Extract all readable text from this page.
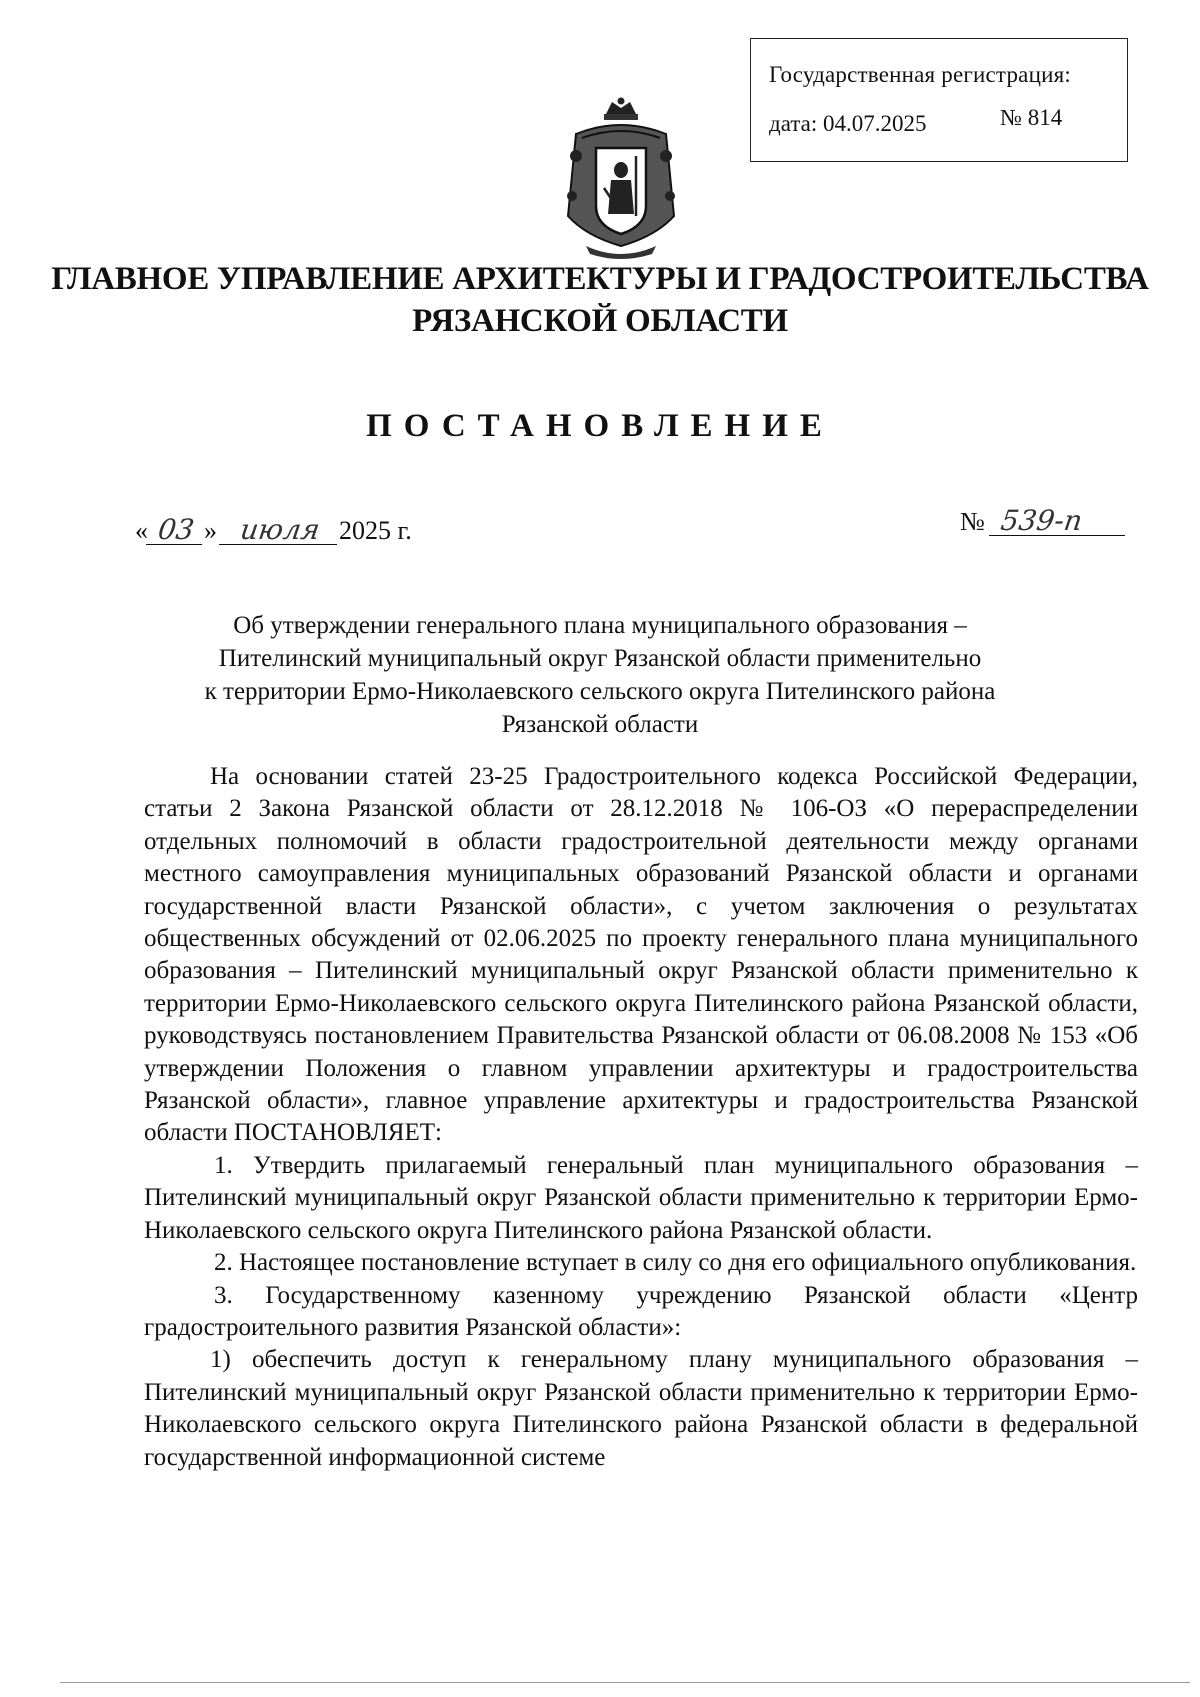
Государственная регистрация:
дата: 04.07.2025	№ 814
ГЛАВНОЕ УПРАВЛЕНИЕ АРХИТЕКТУРЫ И ГРАДОСТРОИТЕЛЬСТВА
РЯЗАНСКОЙ ОБЛАСТИ
ПОСТАНОВЛЕНИЕ
« 03 » июля 2025 г.	№ 539-п
Об утверждении генерального плана муниципального образования –
Пителинский муниципальный округ Рязанской области применительно
к территории Ермо-Николаевского сельского округа Пителинского района
Рязанской области

На основании статей 23-25 Градостроительного кодекса Российской Федерации, статьи 2 Закона Рязанской области от 28.12.2018 № 106-ОЗ «О перераспределении отдельных полномочий в области градостроительной деятельности между органами местного самоуправления муниципальных образований Рязанской области и органами государственной власти Рязанской области», с учетом заключения о результатах общественных обсуждений от 02.06.2025 по проекту генерального плана муниципального образования – Пителинский муниципальный округ Рязанской области применительно к территории Ермо-Николаевского сельского округа Пителинского района Рязанской области, руководствуясь постановлением Правительства Рязанской области от 06.08.2008 № 153 «Об утверждении Положения о главном управлении архитектуры и градостроительства Рязанской области», главное управление архитектуры и градостроительства Рязанской области ПОСТАНОВЛЯЕТ:

1. Утвердить прилагаемый генеральный план муниципального образования – Пителинский муниципальный округ Рязанской области применительно к территории Ермо-Николаевского сельского округа Пителинского района Рязанской области.

2. Настоящее постановление вступает в силу со дня его официального опубликования.

3. Государственному казенному учреждению Рязанской области «Центр градостроительного развития Рязанской области»:

1) обеспечить доступ к генеральному плану муниципального образования – Пителинский муниципальный округ Рязанской области применительно к территории Ермо-Николаевского сельского округа Пителинского района Рязанской области в федеральной государственной информационной системе
